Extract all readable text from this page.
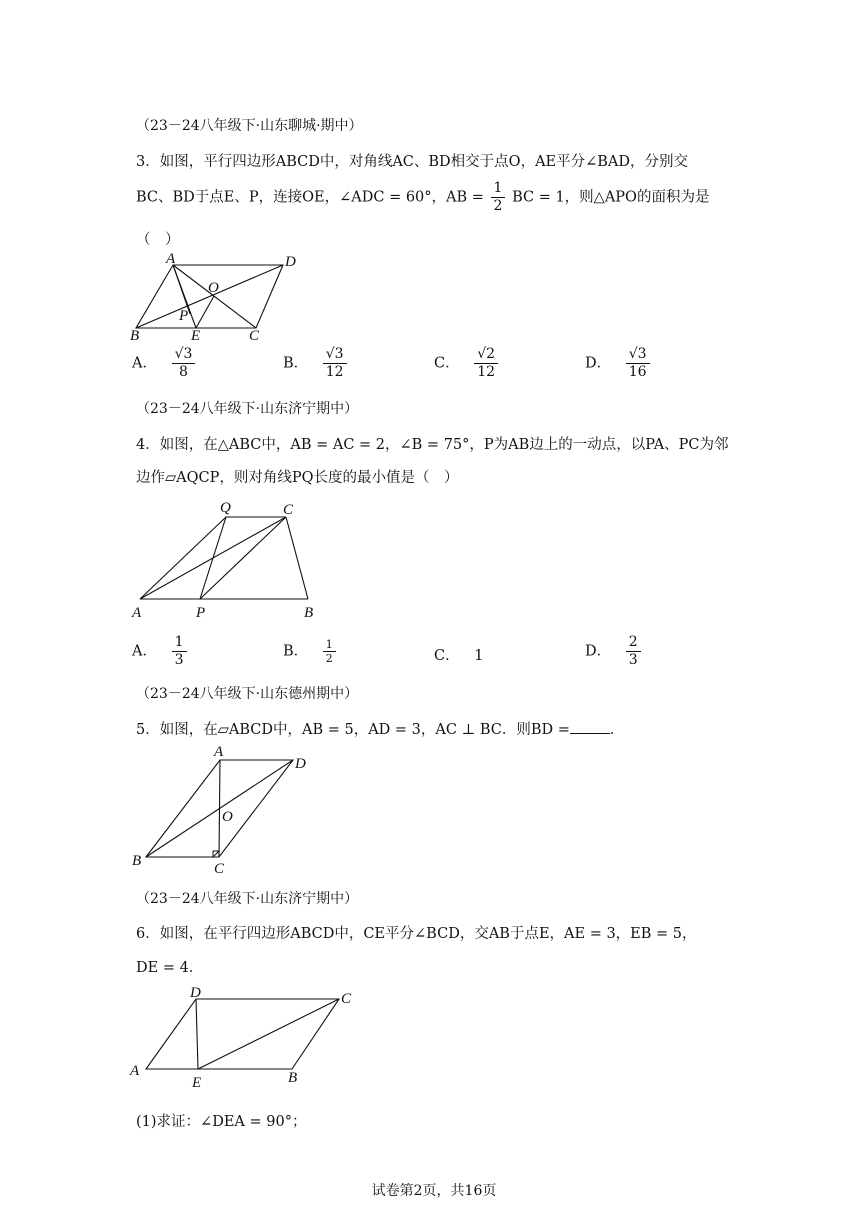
（23－24八年级下·山东聊城·期中）
3．如图，平行四边形ABCD中，对角线AC、BD相交于点O，AE平分∠BAD，分别交
BC、BD于点E、P，连接OE，∠ADC = 60°，AB = $\frac{1}{2}$ BC = 1，则△APO的面积为是
（　）
A	D
O
P
B	E	C
A． $\frac{√3}{8}$	B． $\frac{√3}{12}$	C． $\frac{√2}{12}$	D． $\frac{√3}{16}$
（23－24八年级下·山东济宁期中）
4．如图，在△ABC中，AB = AC = 2，∠B = 75°，P为AB边上的一动点，以PA、PC为邻
边作▱AQCP，则对角线PQ长度的最小值是（　）
Q	C
A	P	B
A． $\frac{1}{3}$	B． $\frac{1}{2}$	C． 1	D． $\frac{2}{3}$
（23－24八年级下·山东德州期中）
5．如图，在▱ABCD中，AB = 5，AD = 3，AC ⊥ BC．则BD =	．
A
D
O
B	C
（23－24八年级下·山东济宁期中）
6．如图，在平行四边形ABCD中，CE平分∠BCD，交AB于点E，AE = 3，EB = 5，
DE = 4．
D	C
A
E	B
(1)求证：∠DEA = 90°；
试卷第2页，共16页
